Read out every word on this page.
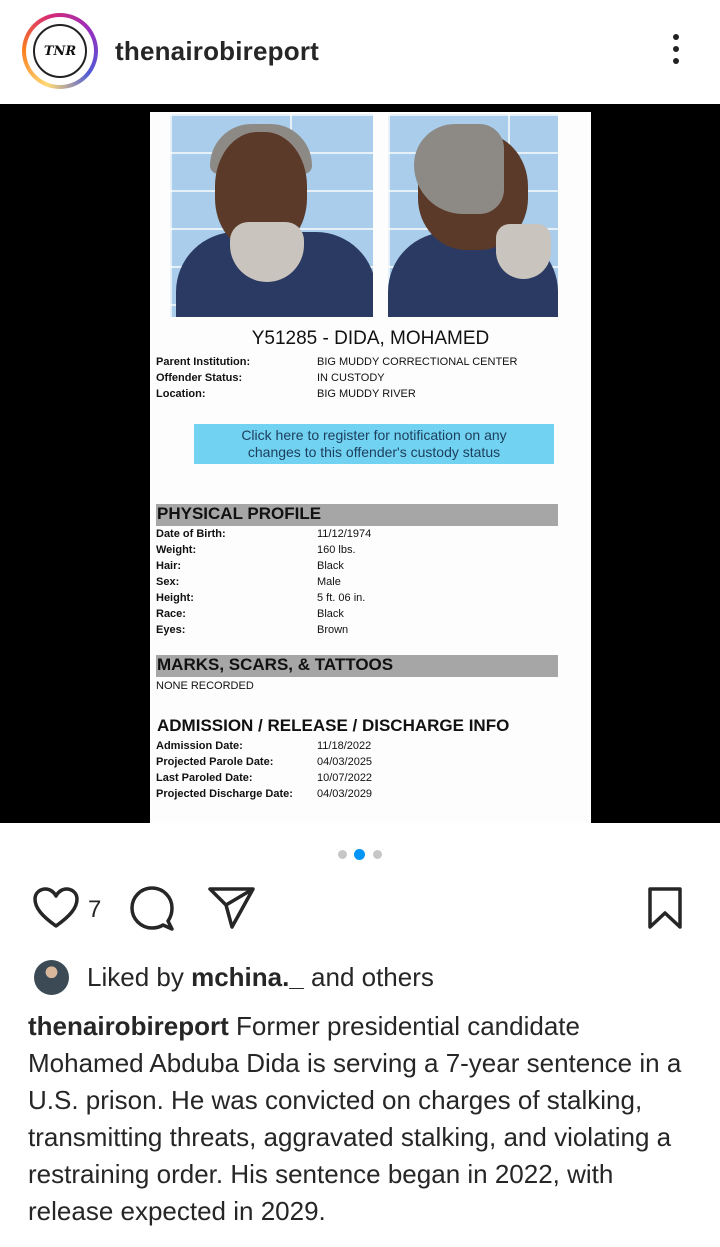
TNR	thenairobireport
Y51285 - DIDA, MOHAMED
Parent Institution:	BIG MUDDY CORRECTIONAL CENTER
Offender Status:	IN CUSTODY
Location:	BIG MUDDY RIVER
Click here to register for notification on any
changes to this offender's custody status
PHYSICAL PROFILE
Date of Birth:	11/12/1974
Weight:	160 lbs.
Hair:	Black
Sex:	Male
Height:	5 ft. 06 in.
Race:	Black
Eyes:	Brown
MARKS, SCARS, & TATTOOS
NONE RECORDED
ADMISSION / RELEASE / DISCHARGE INFO
Admission Date:	11/18/2022
Projected Parole Date:	04/03/2025
Last Paroled Date:	10/07/2022
Projected Discharge Date: 04/03/2029
7
Liked by mchina._ and others
thenairobireport Former presidential candidate Mohamed Abduba Dida is serving a 7-year sentence in a U.S. prison. He was convicted on charges of stalking, transmitting threats, aggravated stalking, and violating a restraining order. His sentence began in 2022, with release expected in 2029.
